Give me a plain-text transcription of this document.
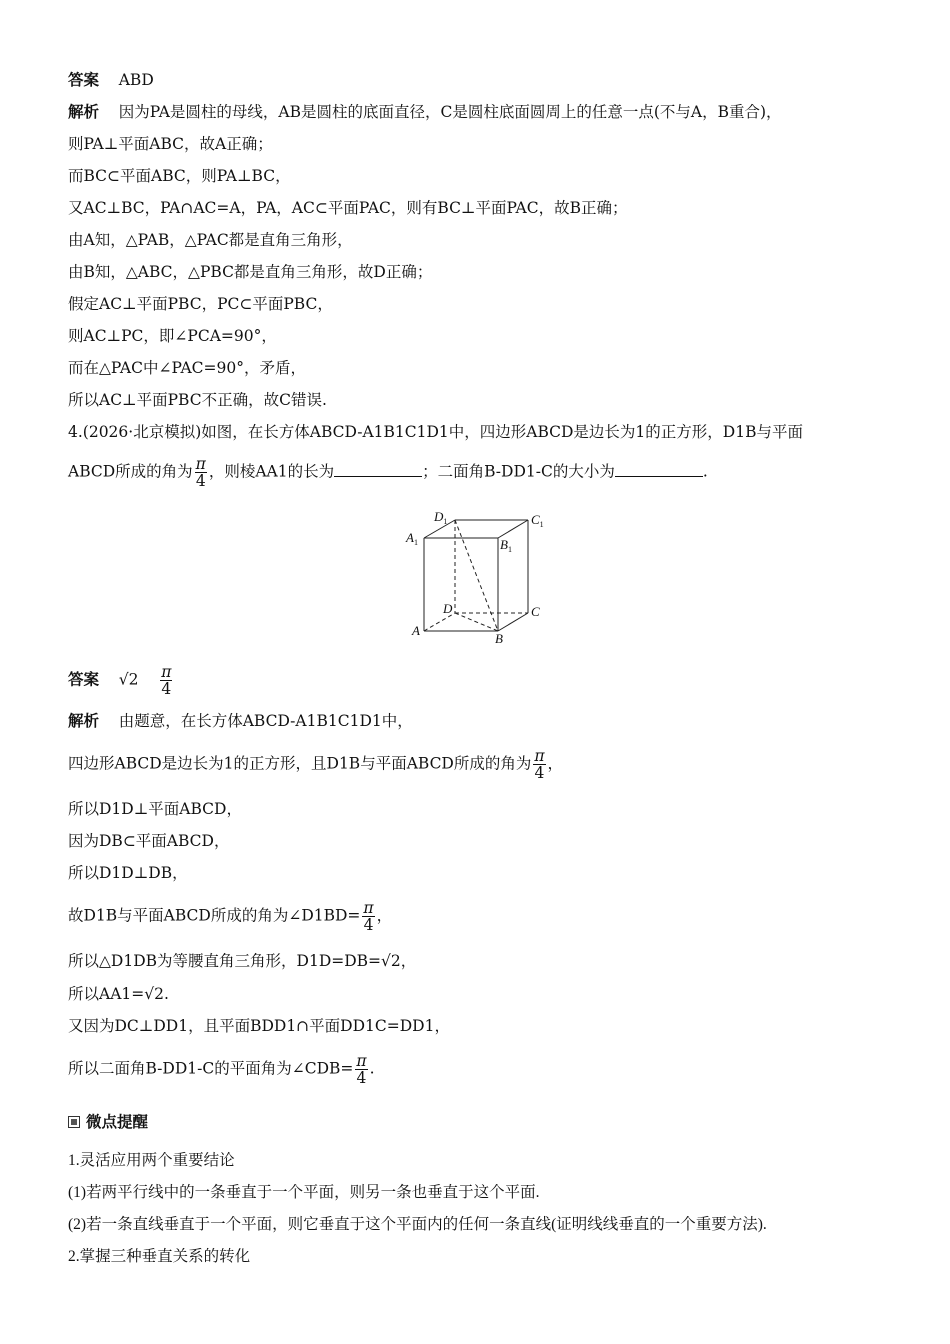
答案 ABD
解析 因为PA是圆柱的母线，AB是圆柱的底面直径，C是圆柱底面圆周上的任意一点(不与A，B重合)，
则PA⊥平面ABC，故A正确；
而BC⊂平面ABC，则PA⊥BC，
又AC⊥BC，PA∩AC=A，PA，AC⊂平面PAC，则有BC⊥平面PAC，故B正确；
由A知，△PAB，△PAC都是直角三角形，
由B知，△ABC，△PBC都是直角三角形，故D正确；
假定AC⊥平面PBC，PC⊂平面PBC，
则AC⊥PC，即∠PCA=90°，
而在△PAC中∠PAC=90°，矛盾，
所以AC⊥平面PBC不正确，故C错误.
4.(2026·北京模拟)如图，在长方体ABCD-A1B1C1D1中，四边形ABCD是边长为1的正方形，D1B与平面
ABCD所成的角为 $\frac{\pi}{4}$ ，则棱AA1的长为	；二面角B-DD1-C的大小为	.
$D_1$	$C_1$
$A_1$	$B_1$
D	C
A
B
答案 $√2 \frac{\pi}{4}$
解析 由题意，在长方体ABCD-A1B1C1D1中，
四边形ABCD是边长为1的正方形，且D1B与平面ABCD所成的角为 $\frac{\pi}{4}$ ，
所以D1D⊥平面ABCD，
因为DB⊂平面ABCD，
所以D1D⊥DB，
故D1B与平面ABCD所成的角为∠D1BD= $\frac{\pi}{4}$ ，
所以△D1DB为等腰直角三角形，D1D=DB=√2，
所以AA1=√2.
又因为DC⊥DD1，且平面BDD1∩平面DD1C=DD1，
所以二面角B-DD1-C的平面角为∠CDB= $\frac{\pi}{4}$ .
微点提醒
1.灵活应用两个重要结论
(1)若两平行线中的一条垂直于一个平面，则另一条也垂直于这个平面.
(2)若一条直线垂直于一个平面，则它垂直于这个平面内的任何一条直线(证明线线垂直的一个重要方法).
2.掌握三种垂直关系的转化
